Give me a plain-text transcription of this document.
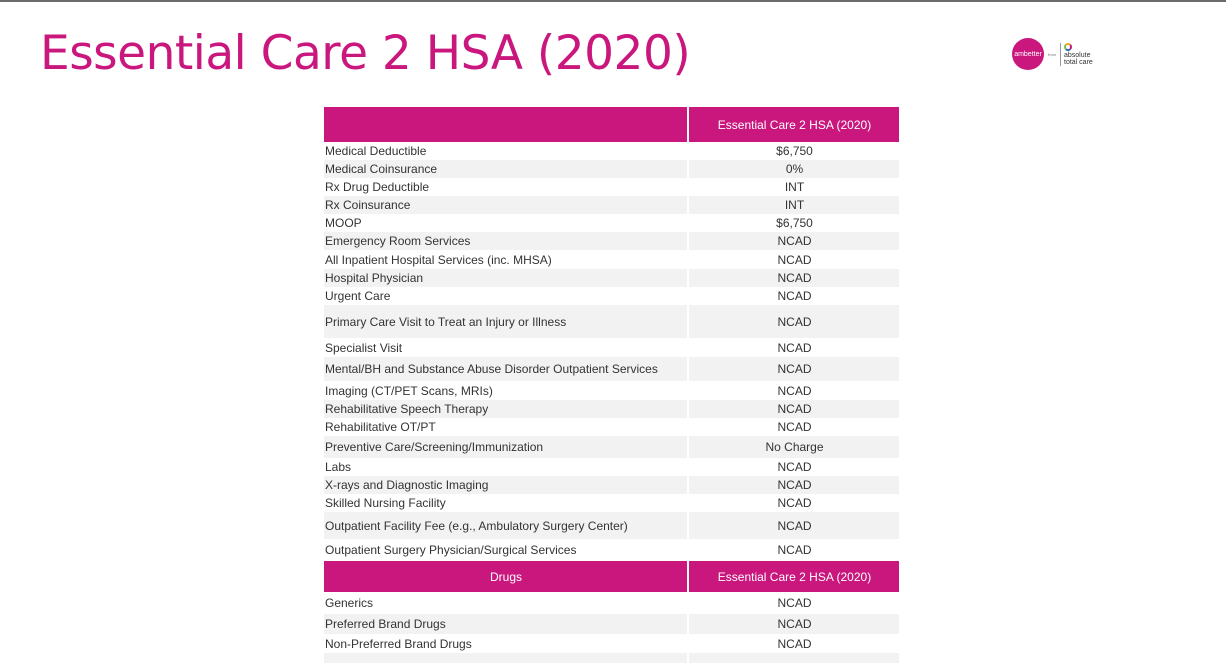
Essential Care 2 HSA (2020)	ambetter	from absolute
total care
	Essential Care 2 HSA (2020)
Medical Deductible	$6,750
Medical Coinsurance	0%
Rx Drug Deductible	INT
Rx Coinsurance	INT
MOOP	$6,750
Emergency Room Services	NCAD
All Inpatient Hospital Services (inc. MHSA)	NCAD
Hospital Physician	NCAD
Urgent Care	NCAD
Primary Care Visit to Treat an Injury or Illness	NCAD
Specialist Visit	NCAD
Mental/BH and Substance Abuse Disorder Outpatient Services	NCAD
Imaging (CT/PET Scans, MRIs)	NCAD
Rehabilitative Speech Therapy	NCAD
Rehabilitative OT/PT	NCAD
Preventive Care/Screening/Immunization	No Charge
Labs	NCAD
X-rays and Diagnostic Imaging	NCAD
Skilled Nursing Facility	NCAD
Outpatient Facility Fee (e.g., Ambulatory Surgery Center)	NCAD
Outpatient Surgery Physician/Surgical Services	NCAD
Drugs	Essential Care 2 HSA (2020)
Generics	NCAD
Preferred Brand Drugs	NCAD
Non-Preferred Brand Drugs	NCAD
